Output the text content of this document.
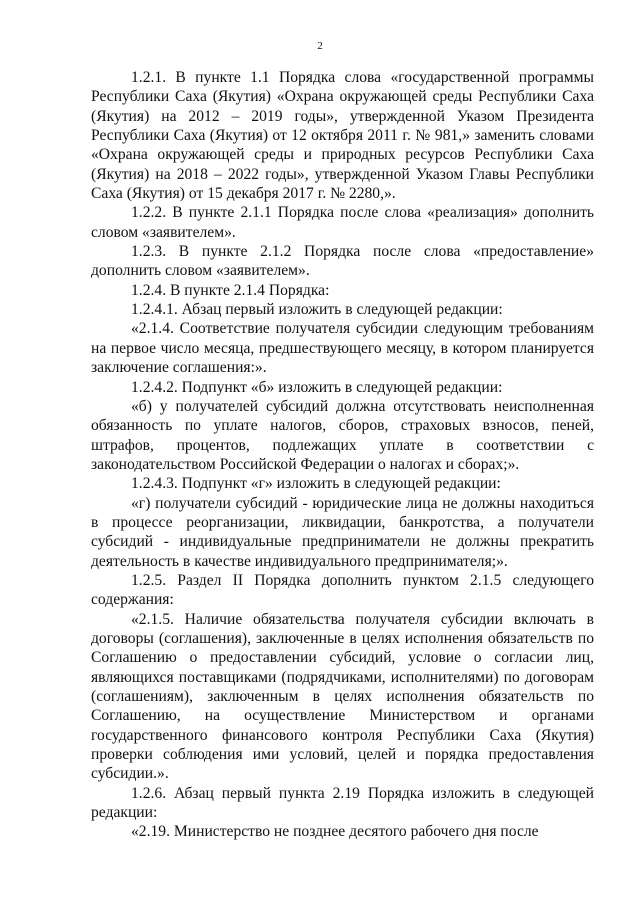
2

1.2.1. В пункте 1.1 Порядка слова «государственной программы Республики Саха (Якутия) «Охрана окружающей среды Республики Саха (Якутия) на 2012 – 2019 годы», утвержденной Указом Президента Республики Саха (Якутия) от 12 октября 2011 г. № 981,» заменить словами «Охрана окружающей среды и природных ресурсов Республики Саха (Якутия) на 2018 – 2022 годы», утвержденной Указом Главы Республики Саха (Якутия) от 15 декабря 2017 г. № 2280,».

1.2.2. В пункте 2.1.1 Порядка после слова «реализация» дополнить словом «заявителем».

1.2.3. В пункте 2.1.2 Порядка после слова «предоставление» дополнить словом «заявителем».

1.2.4. В пункте 2.1.4 Порядка:

1.2.4.1. Абзац первый изложить в следующей редакции:

«2.1.4. Соответствие получателя субсидии следующим требованиям на первое число месяца, предшествующего месяцу, в котором планируется заключение соглашения:».

1.2.4.2. Подпункт «б» изложить в следующей редакции:

«б) у получателей субсидий должна отсутствовать неисполненная обязанность по уплате налогов, сборов, страховых взносов, пеней, штрафов, процентов, подлежащих уплате в соответствии с законодательством Российской Федерации о налогах и сборах;».

1.2.4.3. Подпункт «г» изложить в следующей редакции:

«г) получатели субсидий - юридические лица не должны находиться в процессе реорганизации, ликвидации, банкротства, а получатели субсидий - индивидуальные предприниматели не должны прекратить деятельность в качестве индивидуального предпринимателя;».

1.2.5. Раздел II Порядка дополнить пунктом 2.1.5 следующего содержания:

«2.1.5. Наличие обязательства получателя субсидии включать в договоры (соглашения), заключенные в целях исполнения обязательств по Соглашению о предоставлении субсидий, условие о согласии лиц, являющихся поставщиками (подрядчиками, исполнителями) по договорам (соглашениям), заключенным в целях исполнения обязательств по Соглашению, на осуществление Министерством и органами государственного финансового контроля Республики Саха (Якутия) проверки соблюдения ими условий, целей и порядка предоставления субсидии.».

1.2.6. Абзац первый пункта 2.19 Порядка изложить в следующей редакции:

«2.19. Министерство не позднее десятого рабочего дня после
